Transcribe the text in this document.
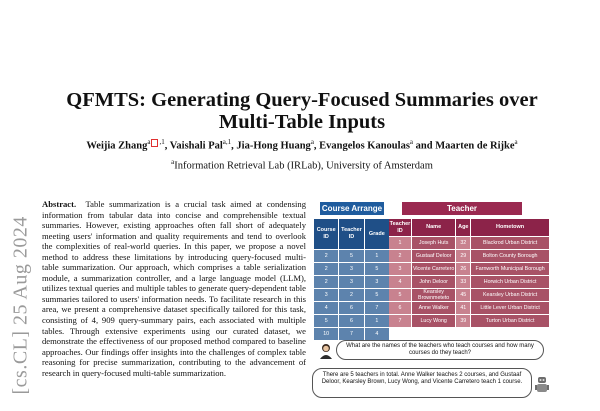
[cs.CL] 25 Aug 2024
QFMTS: Generating Query-Focused Summaries over Multi-Table Inputs
Weijia Zhang$^a$ $^{,1}$, Vaishali Pal$^{a,1}$, Jia-Hong Huang$^a$, Evangelos Kanoulas$^a$ and Maarten de Rijke$^a$
$^a$Information Retrieval Lab (IRLab), University of Amsterdam
Abstract. Table summarization is a crucial task aimed at condensing information from tabular data into concise and comprehensible textual summaries. However, existing approaches often fall short of adequately meeting users' information and quality requirements and tend to overlook the complexities of real-world queries. In this paper, we propose a novel method to address these limitations by introducing query-focused multi-table summarization. Our approach, which comprises a table serialization module, a summarization controller, and a large language model (LLM), utilizes textual queries and multiple tables to generate query-dependent table summaries tailored to users' information needs. To facilitate research in this area, we present a comprehensive dataset specifically tailored for this task, consisting of 4, 909 query-summary pairs, each associated with multiple tables. Through extensive experiments using our curated dataset, we demonstrate the effectiveness of our proposed method compared to baseline approaches. Our findings offer insights into the challenges of complex table reasoning for precise summarization, contributing to the advancement of research in query-focused multi-table summarization.
Course Arrange	Teacher
Course ID	Teacher ID	Grade
2	5	1
2	3	5
2	3	3
3	2	5
4	6	7
5	6	1
10	7	4
Teacher ID	Name	Age	Hometown
1	Joseph Huts	32	Blackrod Urban District
2	Gustaaf Deloor	29	Bolton County Borough
3	Vicente Carretero	26	Farnworth Municipal Borough
4	John Deloor	33	Horwich Urban District
5	Kearsley Brownmeteto	45	Kearsley Urban District
6	Anne Walker	41	Little Lever Urban District
7	Lucy Wong	39	Turton Urban District
What are the names of the teachers who teach courses and how many courses do they teach?
There are 5 teachers in total. Anne Walker teaches 2 courses, and Gustaaf Deloor, Kearsley Brown, Lucy Wong, and Vicente Carretero teach 1 course.
